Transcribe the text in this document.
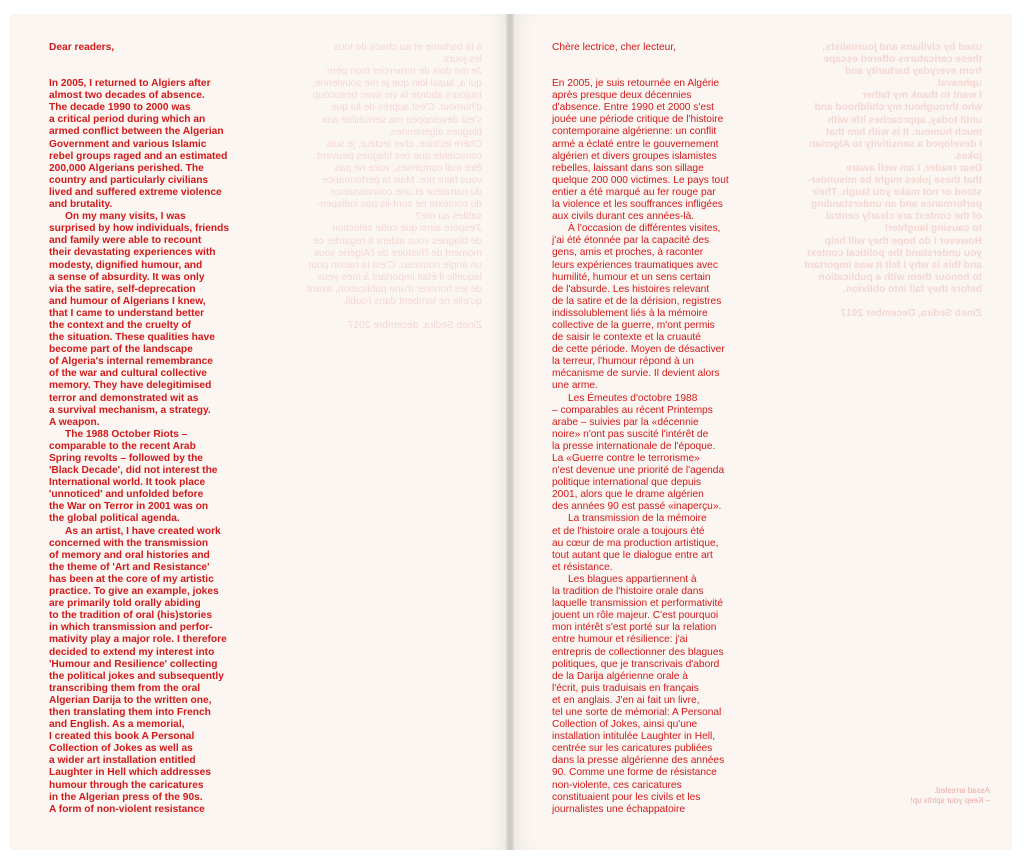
Dear readers,

In 2005, I returned to Algiers after
almost two decades of absence.
The decade 1990 to 2000 was
a critical period during which an
armed conflict between the Algerian
Government and various Islamic
rebel groups raged and an estimated
200,000 Algerians perished. The
country and particularly civilians
lived and suffered extreme violence
and brutality.

On my many visits, I was
surprised by how individuals, friends
and family were able to recount
their devastating experiences with
modesty, dignified humour, and
a sense of absurdity. It was only
via the satire, self-deprecation
and humour of Algerians I knew,
that I came to understand better
the context and the cruelty of
the situation. These qualities have
become part of the landscape
of Algeria's internal remembrance
of the war and cultural collective
memory. They have delegitimised
terror and demonstrated wit as
a survival mechanism, a strategy.
A weapon.

The 1988 October Riots –
comparable to the recent Arab
Spring revolts – followed by the
'Black Decade', did not interest the
International world. It took place
'unnoticed' and unfolded before
the War on Terror in 2001 was on
the global political agenda.

As an artist, I have created work
concerned with the transmission
of memory and oral histories and
the theme of 'Art and Resistance'
has been at the core of my artistic
practice. To give an example, jokes
are primarily told orally abiding
to the tradition of oral (his)stories
in which transmission and perfor-
mativity play a major role. I therefore
decided to extend my interest into
'Humour and Resilience' collecting
the political jokes and subsequently
transcribing them from the oral
Algerian Darija to the written one,
then translating them into French
and English. As a memorial,
I created this book A Personal
Collection of Jokes as well as
a wider art installation entitled
Laughter in Hell which addresses
humour through the caricatures
in the Algerian press of the 90s.
A form of non-violent resistance

à la barbarie et au chaos de tous
les jours.
Je me dois de remercier mon père
qui a, aussi loin que je me souvienne,
toujours abordé la vie avec beaucoup
d'humour. C'est auprès de lui que
s'est développée ma sensibilité aux
blagues algériennes.
Chère lectrice, cher lecteur, je suis
consciente que ces blagues peuvent
être mal comprises, voire ne pas
vous faire rire. Mais la performance
du narrateur et une connaissance
du contexte ne sont-ils pas indispen-
sables au rire?
J'espère ainsi que cette sélection
de blagues vous aidera à regarder ce
moment de l'histoire de l'Algérie sous
un angle nouveau. C'est la raison pour
laquelle il était important à mes yeux
de les honorer d'une publication, avant
qu'elle ne tombent dans l'oubli.

Zineb Sedira, décembre 2017

Chère lectrice, cher lecteur,

En 2005, je suis retournée en Algérie
après presque deux décennies
d'absence. Entre 1990 et 2000 s'est
jouée une période critique de l'histoire
contemporaine algérienne: un conflit
armé a éclaté entre le gouvernement
algérien et divers groupes islamistes
rebelles, laissant dans son sillage
quelque 200 000 victimes. Le pays tout
entier a été marqué au fer rouge par
la violence et les souffrances infligées
aux civils durant ces années-là.

À l'occasion de différentes visites,
j'ai été étonnée par la capacité des
gens, amis et proches, à raconter
leurs expériences traumatiques avec
humilité, humour et un sens certain
de l'absurde. Les histoires relevant
de la satire et de la dérision, registres
indissolublement liés à la mémoire
collective de la guerre, m'ont permis
de saisir le contexte et la cruauté
de cette période. Moyen de désactiver
la terreur, l'humour répond à un
mécanisme de survie. Il devient alors
une arme.

Les Émeutes d'octobre 1988
– comparables au récent Printemps
arabe – suivies par la «décennie
noire» n'ont pas suscité l'intérêt de
la presse internationale de l'époque.
La «Guerre contre le terrorisme»
n'est devenue une priorité de l'agenda
politique international que depuis
2001, alors que le drame algérien
des années 90 est passé «inaperçu».

La transmission de la mémoire
et de l'histoire orale a toujours été
au cœur de ma production artistique,
tout autant que le dialogue entre art
et résistance.

Les blagues appartiennent à
la tradition de l'histoire orale dans
laquelle transmission et performativité
jouent un rôle majeur. C'est pourquoi
mon intérêt s'est porté sur la relation
entre humour et résilience: j'ai
entrepris de collectionner des blagues
politiques, que je transcrivais d'abord
de la Darija algérienne orale à
l'écrit, puis traduisais en français
et en anglais. J'en ai fait un livre,
tel une sorte de mémorial: A Personal
Collection of Jokes, ainsi qu'une
installation intitulée Laughter in Hell,
centrée sur les caricatures publiées
dans la presse algérienne des années
90. Comme une forme de résistance
non-violente, ces caricatures
constituaient pour les civils et les
journalistes une échappatoire

used by civilians and journalists,
these caricatures offered escape
from everyday barbarity and
upheaval.
I want to thank my father
who throughout my childhood and
until today, approaches life with
much humour. It is with him that
I developed a sensitivity to Algerian
jokes.
Dear reader, I am well aware
that these jokes might be misunder-
stood or not make you laugh. Their
performance and an understanding
of the context are clearly central
to causing laughter!
However I do hope they will help
you understand the political context
and this is why I felt it was important
to honour them with a publication
before they fall into oblivion.

Zineb Sedira, December 2017
Assad arrested.
– Keep your spirits up!
